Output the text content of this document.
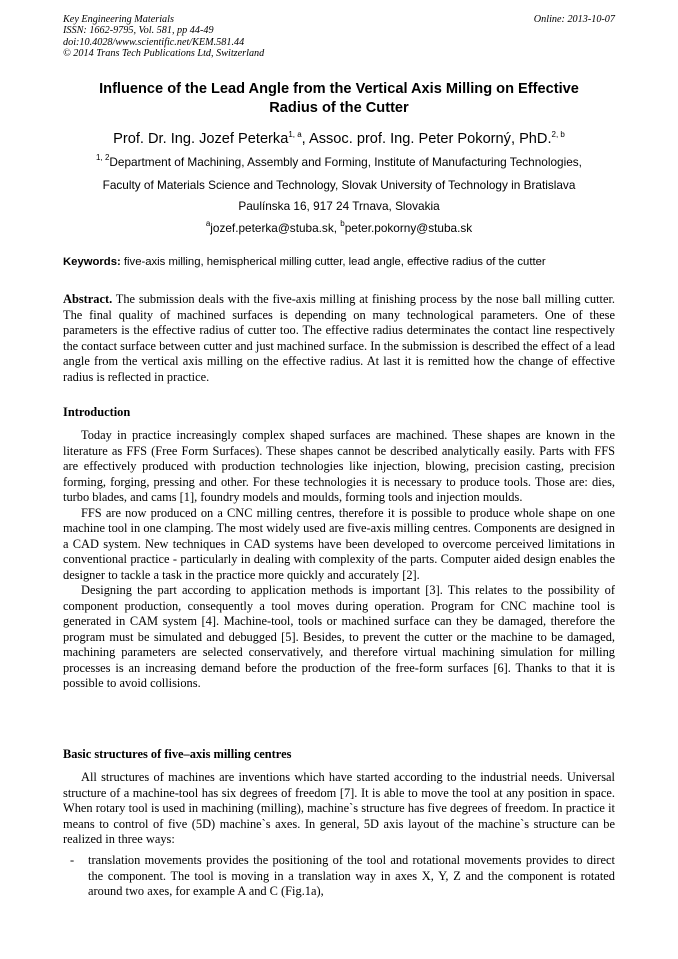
Key Engineering Materials
ISSN: 1662-9795, Vol. 581, pp 44-49
doi:10.4028/www.scientific.net/KEM.581.44
© 2014 Trans Tech Publications Ltd, Switzerland
Online: 2013-10-07
Influence of the Lead Angle from the Vertical Axis Milling on Effective
Radius of the Cutter
Prof. Dr. Ing. Jozef Peterka$^{1, a}$, Assoc. prof. Ing. Peter Pokorný, PhD.$^{2, b}$
$^{1, 2}$Department of Machining, Assembly and Forming, Institute of Manufacturing Technologies,
Faculty of Materials Science and Technology, Slovak University of Technology in Bratislava
Paulínska 16, 917 24 Trnava, Slovakia
$^a$jozef.peterka@stuba.sk, $^b$peter.pokorny@stuba.sk
Keywords: five-axis milling, hemispherical milling cutter, lead angle, effective radius of the cutter

Abstract. The submission deals with the five-axis milling at finishing process by the nose ball milling cutter. The final quality of machined surfaces is depending on many technological parameters. One of these parameters is the effective radius of cutter too. The effective radius determinates the contact line respectively the contact surface between cutter and just machined surface. In the submission is described the effect of a lead angle from the vertical axis milling on the effective radius. At last it is remitted how the change of effective radius is reflected in practice.

Introduction

Today in practice increasingly complex shaped surfaces are machined. These shapes are known in the literature as FFS (Free Form Surfaces). These shapes cannot be described analytically easily. Parts with FFS are effectively produced with production technologies like injection, blowing, precision casting, precision forming, forging, pressing and other. For these technologies it is necessary to produce tools. Those are: dies, turbo blades, and cams [1], foundry models and moulds, forming tools and injection moulds.

FFS are now produced on a CNC milling centres, therefore it is possible to produce whole shape on one machine tool in one clamping. The most widely used are five-axis milling centres. Components are designed in a CAD system. New techniques in CAD systems have been developed to overcome perceived limitations in conventional practice - particularly in dealing with complexity of the parts. Computer aided design enables the designer to tackle a task in the practice more quickly and accurately [2].

Designing the part according to application methods is important [3]. This relates to the possibility of component production, consequently a tool moves during operation. Program for CNC machine tool is generated in CAM system [4]. Machine-tool, tools or machined surface can they be damaged, therefore the program must be simulated and debugged [5]. Besides, to prevent the cutter or the machine to be damaged, machining parameters are selected conservatively, and therefore virtual machining simulation for milling processes is an increasing demand before the production of the free-form surfaces [6]. Thanks to that it is possible to avoid collisions.

Basic structures of five–axis milling centres

All structures of machines are inventions which have started according to the industrial needs. Universal structure of a machine-tool has six degrees of freedom [7]. It is able to move the tool at any position in space. When rotary tool is used in machining (milling), machine`s structure has five degrees of freedom. In practice it means to control of five (5D) machine`s axes. In general, 5D axis layout of the machine`s structure can be realized in three ways:

- translation movements provides the positioning of the tool and rotational movements provides to direct the component. The tool is moving in a translation way in axes X, Y, Z and the component is rotated around two axes, for example A and C (Fig.1a),
